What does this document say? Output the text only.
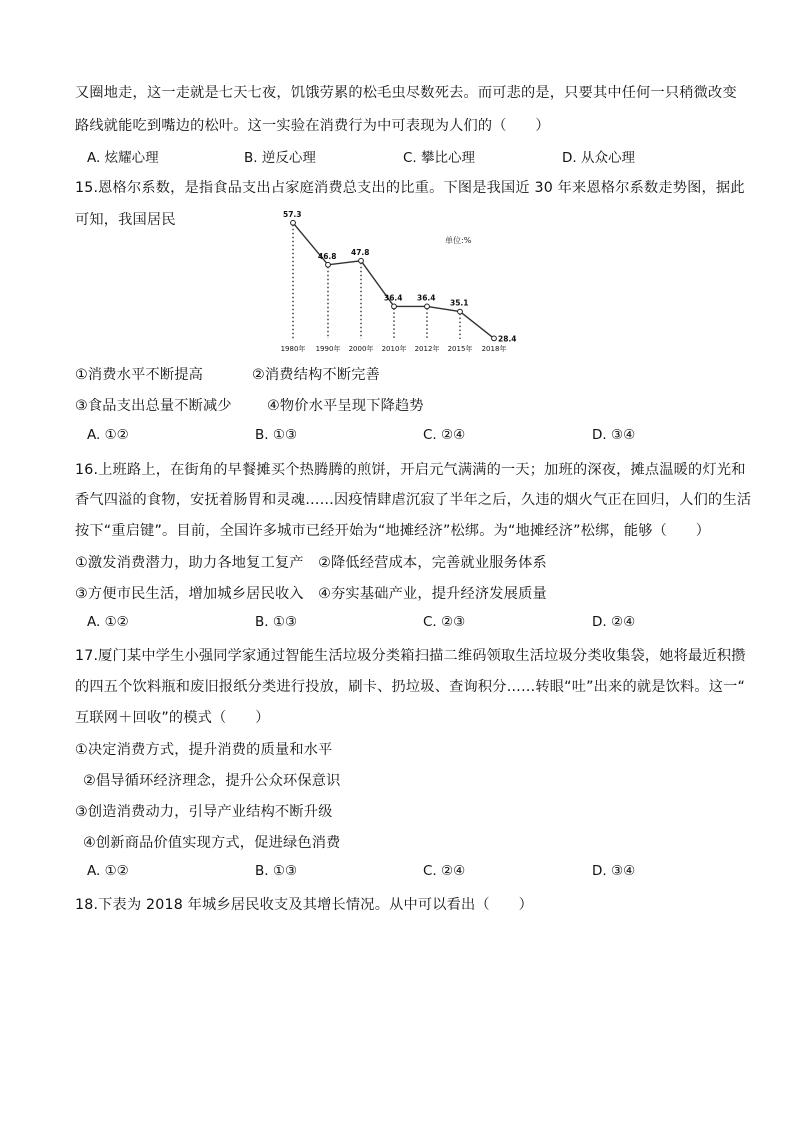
又圈地走，这一走就是七天七夜，饥饿劳累的松毛虫尽数死去。而可悲的是，只要其中任何一只稍微改变
路线就能吃到嘴边的松叶。这一实验在消费行为中可表现为人们的（　　）
A. 炫耀心理	B. 逆反心理	C. 攀比心理	D. 从众心理
15.恩格尔系数，是指食品支出占家庭消费总支出的比重。下图是我国近 30 年来恩格尔系数走势图，据此
可知，我国居民
单位:%
57.3
46.8 47.8
36.4 36.4
35.1
28.4
1980年 1990年 2000年 2010年 2012年 2015年 2018年
①消费水平不断提高	②消费结构不断完善
③食品支出总量不断减少 ④物价水平呈现下降趋势
A. ①②	B. ①③	C. ②④	D. ③④
16.上班路上，在街角的早餐摊买个热腾腾的煎饼，开启元气满满的一天；加班的深夜，摊点温暖的灯光和
香气四溢的食物，安抚着肠胃和灵魂……因疫情肆虐沉寂了半年之后，久违的烟火气正在回归，人们的生活
按下“重启键”。目前，全国许多城市已经开始为“地摊经济”松绑。为“地摊经济”松绑，能够（　　）
①激发消费潜力，助力各地复工复产　②降低经营成本，完善就业服务体系
③方便市民生活，增加城乡居民收入　④夯实基础产业，提升经济发展质量
A. ①②	B. ①③	C. ②③	D. ②④
17.厦门某中学生小强同学家通过智能生活垃圾分类箱扫描二维码领取生活垃圾分类收集袋，她将最近积攒
的四五个饮料瓶和废旧报纸分类进行投放，刷卡、扔垃圾、查询积分……转眼“吐”出来的就是饮料。这一“
互联网＋回收”的模式（　　）
①决定消费方式，提升消费的质量和水平
②倡导循环经济理念，提升公众环保意识
③创造消费动力，引导产业结构不断升级
④创新商品价值实现方式，促进绿色消费
A. ①②	B. ①③	C. ②④	D. ③④
18.下表为 2018 年城乡居民收支及其增长情况。从中可以看出（　　）
